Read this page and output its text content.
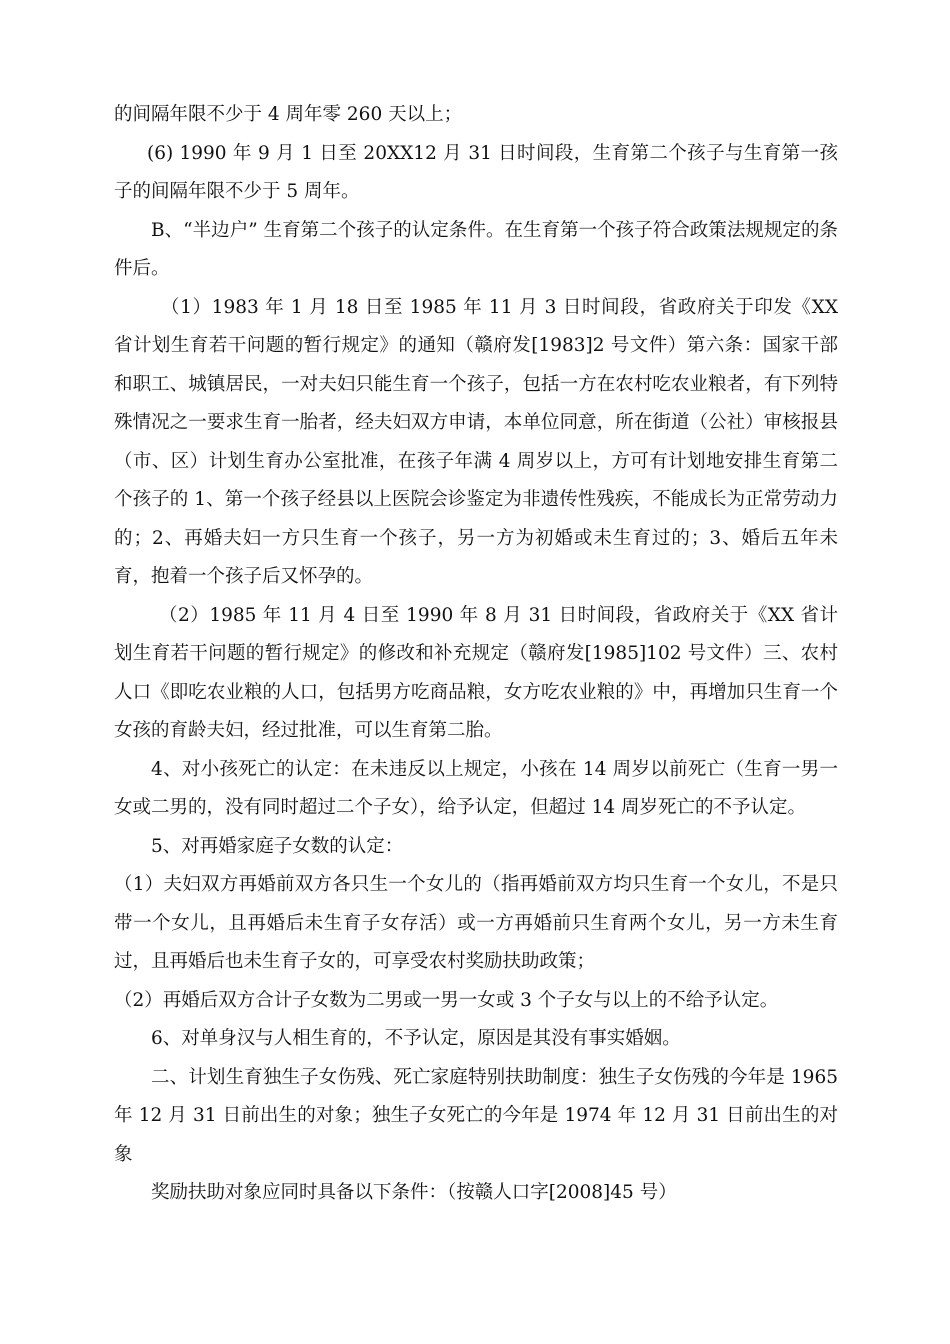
的间隔年限不少于 4 周年零 260 天以上；

(6) 1990 年 9 月 1 日至 20XX12 月 31 日时间段，生育第二个孩子与生育第一孩子的间隔年限不少于 5 周年。

B、“半边户” 生育第二个孩子的认定条件。在生育第一个孩子符合政策法规规定的条件后。

（1）1983 年 1 月 18 日至 1985 年 11 月 3 日时间段，省政府关于印发《XX 省计划生育若干问题的暂行规定》的通知（赣府发[1983]2 号文件）第六条：国家干部和职工、城镇居民，一对夫妇只能生育一个孩子，包括一方在农村吃农业粮者，有下列特殊情况之一要求生育一胎者，经夫妇双方申请，本单位同意，所在街道（公社）审核报县（市、区）计划生育办公室批准，在孩子年满 4 周岁以上，方可有计划地安排生育第二个孩子的 1、第一个孩子经县以上医院会诊鉴定为非遗传性残疾，不能成长为正常劳动力的；2、再婚夫妇一方只生育一个孩子，另一方为初婚或未生育过的；3、婚后五年未育，抱着一个孩子后又怀孕的。

（2）1985 年 11 月 4 日至 1990 年 8 月 31 日时间段，省政府关于《XX 省计划生育若干问题的暂行规定》的修改和补充规定（赣府发[1985]102 号文件）三、农村人口《即吃农业粮的人口，包括男方吃商品粮，女方吃农业粮的》中，再增加只生育一个女孩的育龄夫妇，经过批准，可以生育第二胎。

4、对小孩死亡的认定：在未违反以上规定，小孩在 14 周岁以前死亡（生育一男一女或二男的，没有同时超过二个子女），给予认定，但超过 14 周岁死亡的不予认定。

5、对再婚家庭子女数的认定：

（1）夫妇双方再婚前双方各只生一个女儿的（指再婚前双方均只生育一个女儿，不是只带一个女儿，且再婚后未生育子女存活）或一方再婚前只生育两个女儿，另一方未生育过，且再婚后也未生育子女的，可享受农村奖励扶助政策；

（2）再婚后双方合计子女数为二男或一男一女或 3 个子女与以上的不给予认定。

6、对单身汉与人相生育的，不予认定，原因是其没有事实婚姻。

二、计划生育独生子女伤残、死亡家庭特别扶助制度：独生子女伤残的今年是 1965 年 12 月 31 日前出生的对象；独生子女死亡的今年是 1974 年 12 月 31 日前出生的对象

奖励扶助对象应同时具备以下条件：（按赣人口字[2008]45 号）
